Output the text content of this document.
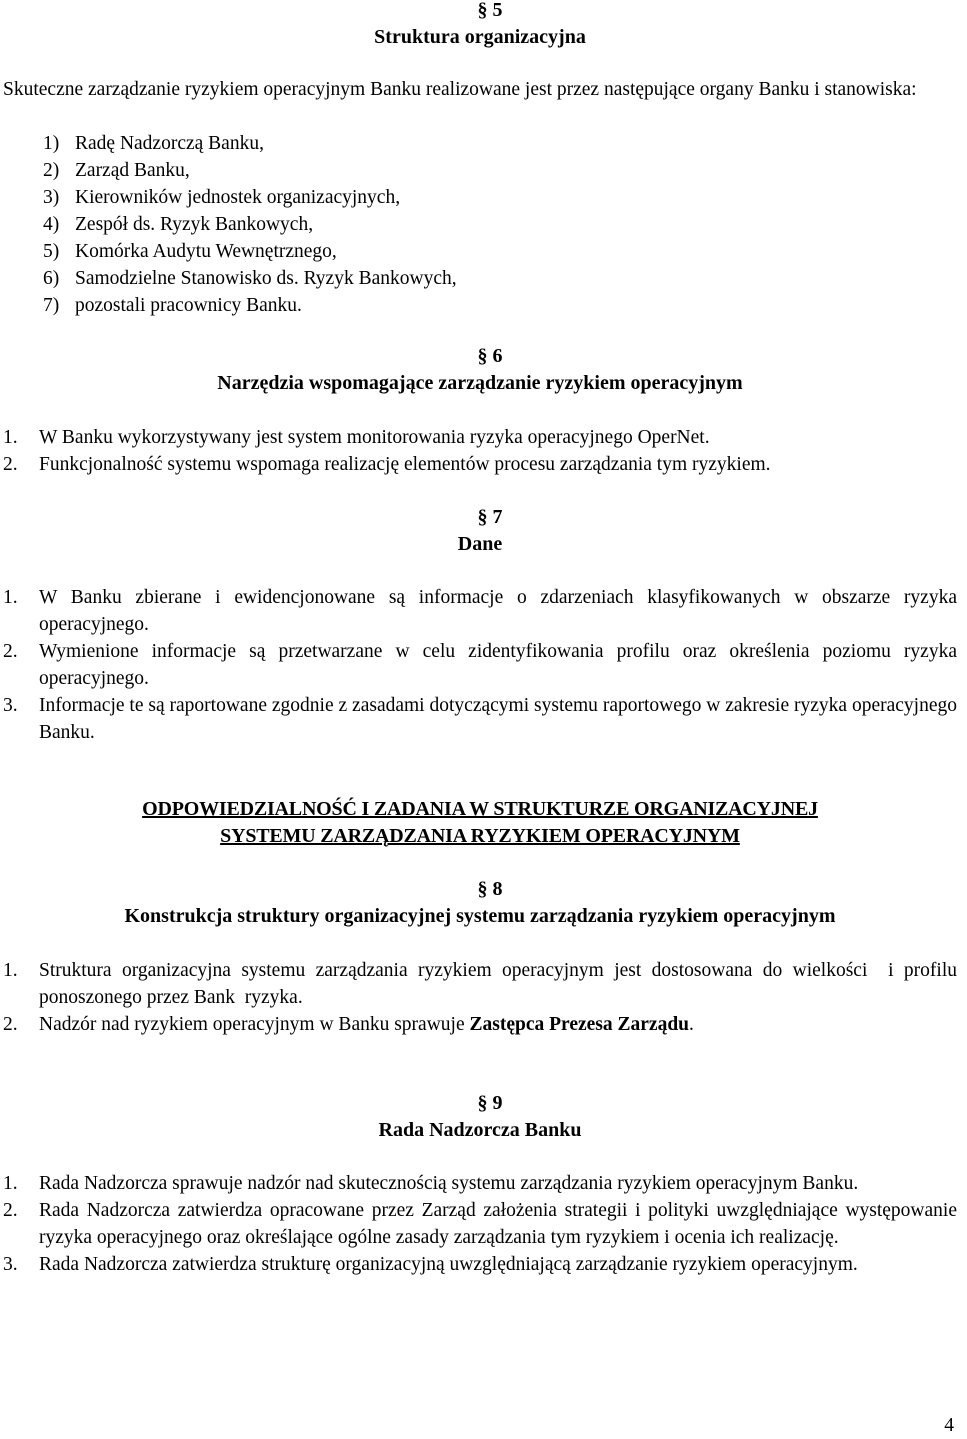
§ 5
Struktura organizacyjna
Skuteczne zarządzanie ryzykiem operacyjnym Banku realizowane jest przez następujące organy Banku i stanowiska:
1) Radę Nadzorczą Banku,
2) Zarząd Banku,
3) Kierowników jednostek organizacyjnych,
4) Zespół ds. Ryzyk Bankowych,
5) Komórka Audytu Wewnętrznego,
6) Samodzielne Stanowisko ds. Ryzyk Bankowych,
7) pozostali pracownicy Banku.
§ 6
Narzędzia wspomagające zarządzanie ryzykiem operacyjnym
1. W Banku wykorzystywany jest system monitorowania ryzyka operacyjnego OperNet.
2. Funkcjonalność systemu wspomaga realizację elementów procesu zarządzania tym ryzykiem.
§ 7
Dane
1. W Banku zbierane i ewidencjonowane są informacje o zdarzeniach klasyfikowanych w obszarze ryzyka operacyjnego.
2. Wymienione informacje są przetwarzane w celu zidentyfikowania profilu oraz określenia poziomu ryzyka operacyjnego.
3. Informacje te są raportowane zgodnie z zasadami dotyczącymi systemu raportowego w zakresie ryzyka operacyjnego Banku.
ODPOWIEDZIALNOŚĆ I ZADANIA W STRUKTURZE ORGANIZACYJNEJ
SYSTEMU ZARZĄDZANIA RYZYKIEM OPERACYJNYM
§ 8
Konstrukcja struktury organizacyjnej systemu zarządzania ryzykiem operacyjnym
1. Struktura organizacyjna systemu zarządzania ryzykiem operacyjnym jest dostosowana do wielkości  i profilu ponoszonego przez Bank  ryzyka.
2. Nadzór nad ryzykiem operacyjnym w Banku sprawuje Zastępca Prezesa Zarządu.
§ 9
Rada Nadzorcza Banku
1. Rada Nadzorcza sprawuje nadzór nad skutecznością systemu zarządzania ryzykiem operacyjnym Banku.
2. Rada Nadzorcza zatwierdza opracowane przez Zarząd założenia strategii i polityki uwzględniające występowanie ryzyka operacyjnego oraz określające ogólne zasady zarządzania tym ryzykiem i ocenia ich realizację.
3. Rada Nadzorcza zatwierdza strukturę organizacyjną uwzględniającą zarządzanie ryzykiem operacyjnym.
4
